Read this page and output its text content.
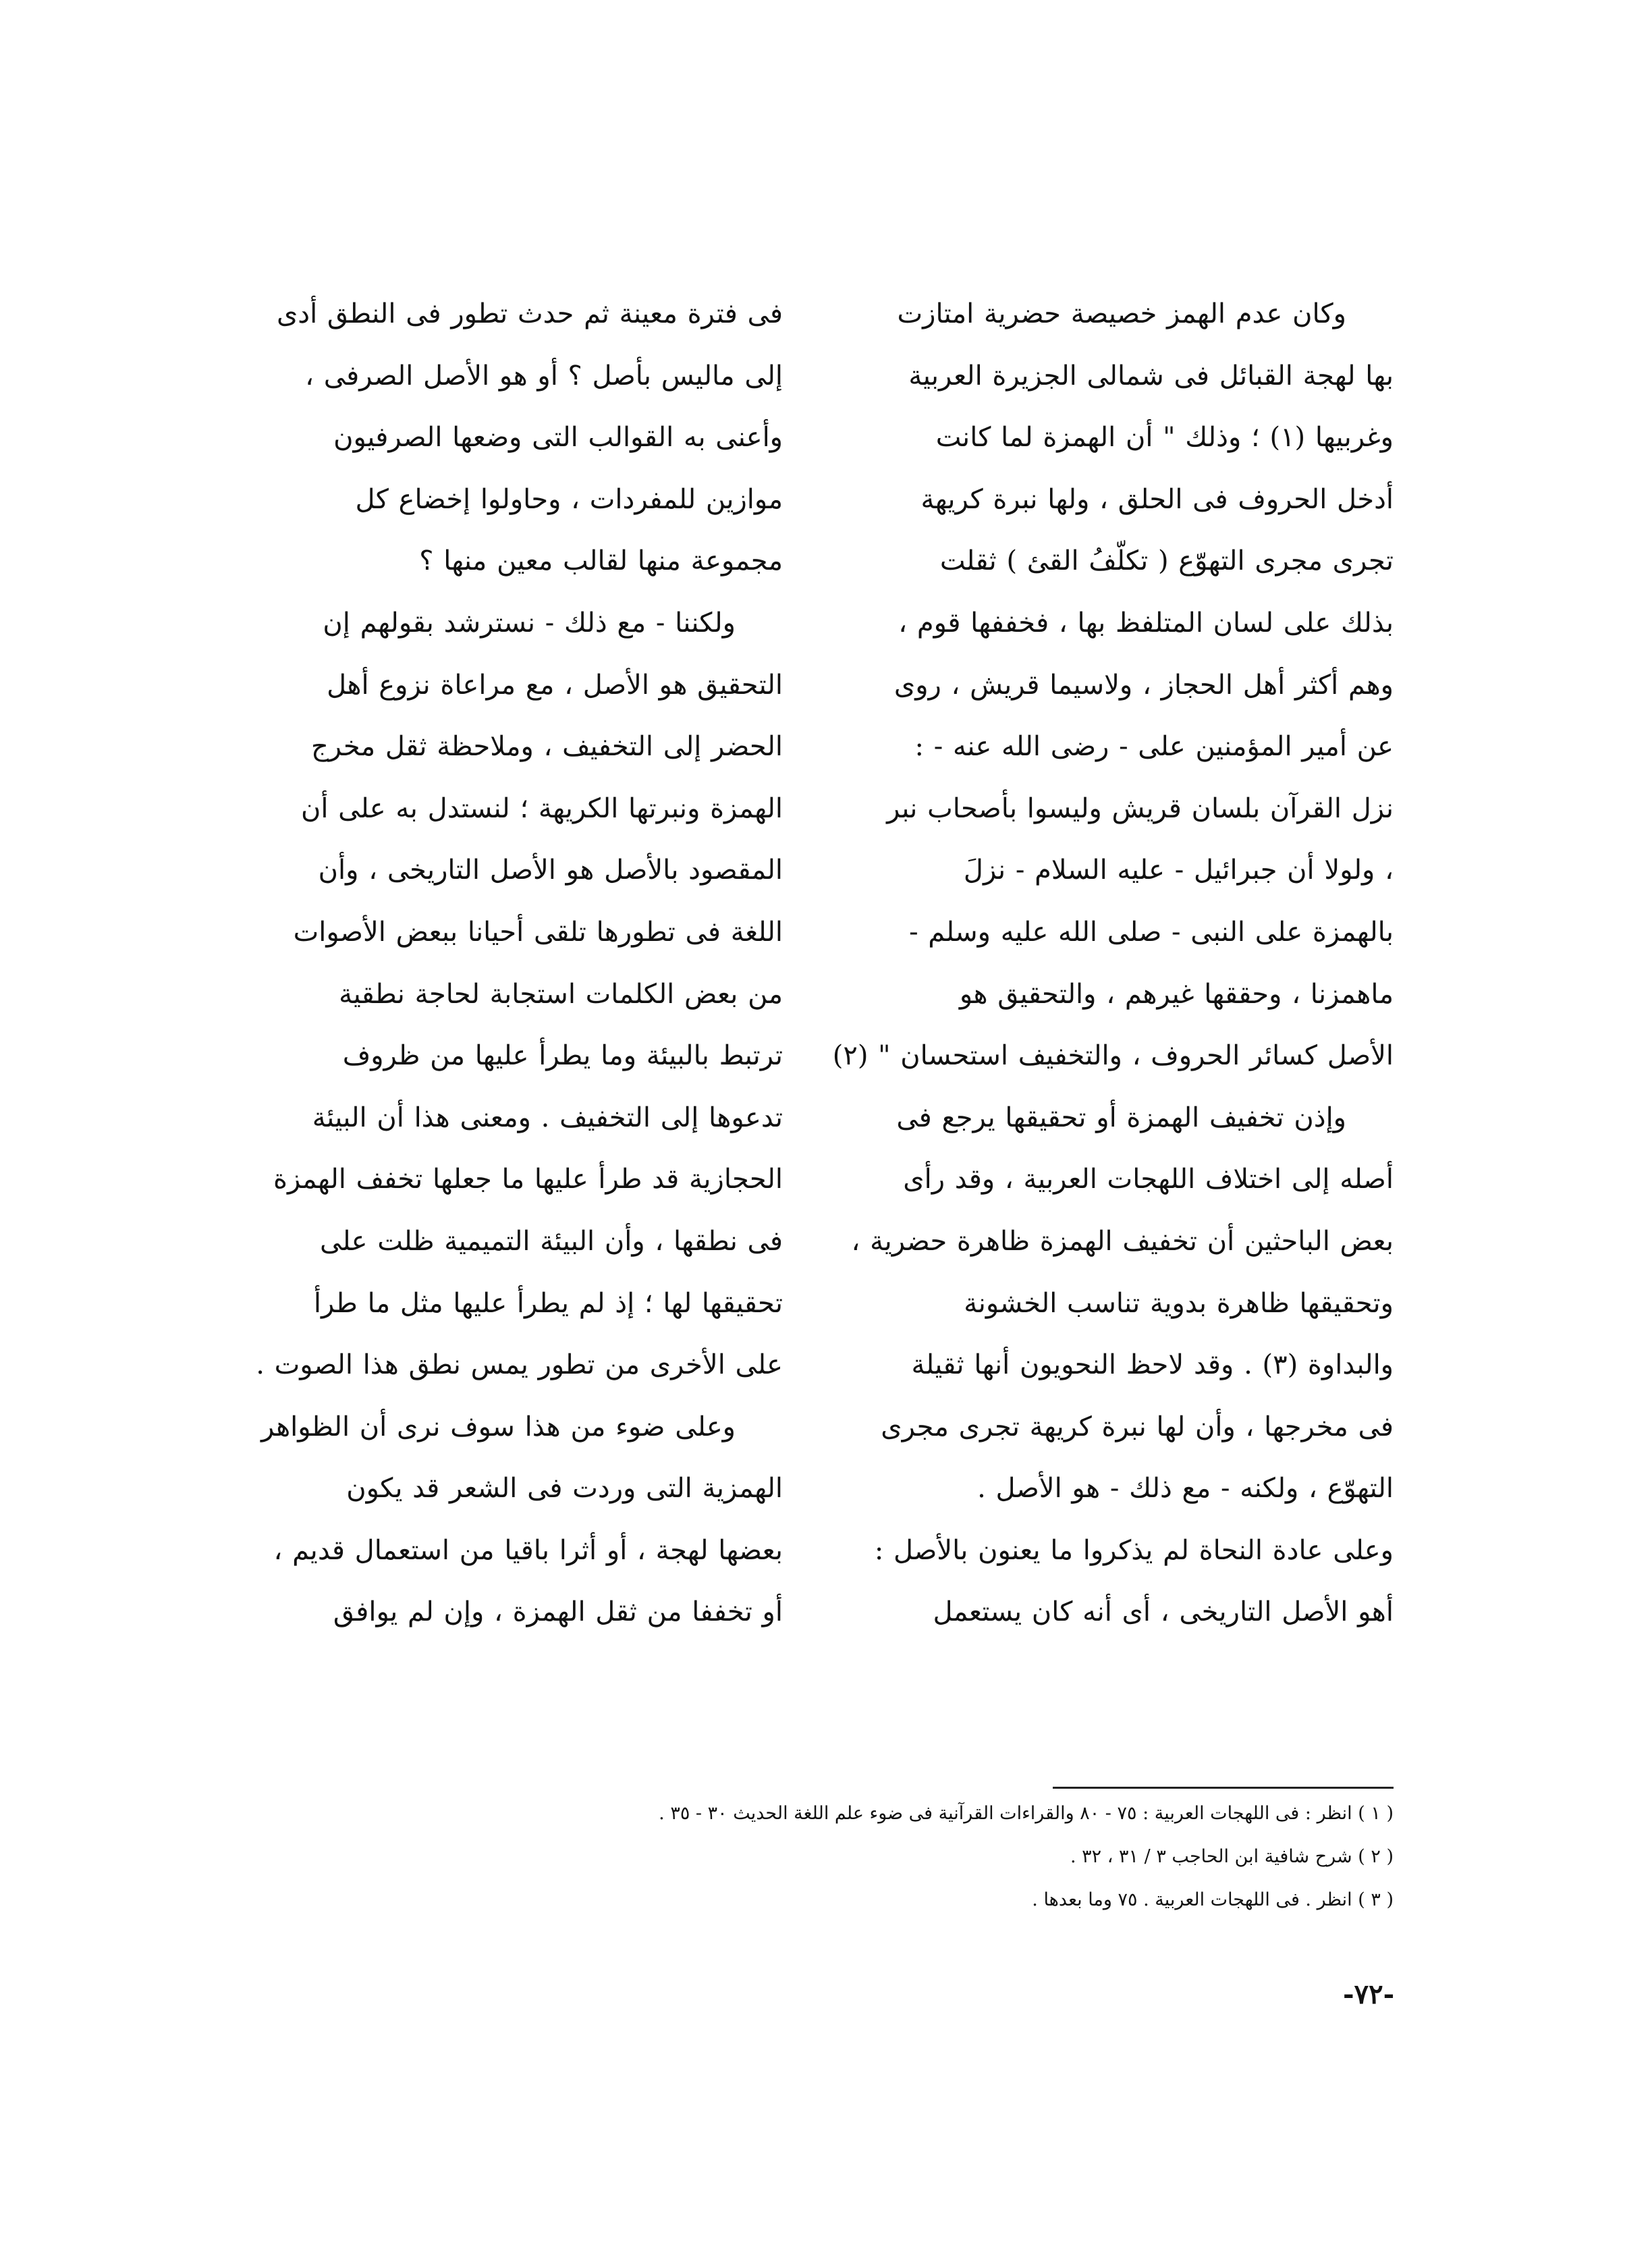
وكان عدم الهمز خصيصة حضرية امتازت
بها لهجة القبائل فى شمالى الجزيرة العربية
وغربيها (١) ؛ وذلك " أن الهمزة لما كانت
أدخل الحروف فى الحلق ، ولها نبرة كريهة
تجرى مجرى التهوّع ( تكلّفُ القئ ) ثقلت
بذلك على لسان المتلفظ بها ، فخففها قوم ،
وهم أكثر أهل الحجاز ، ولاسيما قريش ، روى
عن أمير المؤمنين على - رضى الله عنه - :
نزل القرآن بلسان قريش وليسوا بأصحاب نبر
، ولولا أن جبرائيل - عليه السلام - نزلَ
بالهمزة على النبى - صلى الله عليه وسلم -
ماهمزنا ، وحققها غيرهم ، والتحقيق هو
الأصل كسائر الحروف ، والتخفيف استحسان " (٢)
وإذن تخفيف الهمزة أو تحقيقها يرجع فى
أصله إلى اختلاف اللهجات العربية ، وقد رأى
بعض الباحثين أن تخفيف الهمزة ظاهرة حضرية ،
وتحقيقها ظاهرة بدوية تناسب الخشونة
والبداوة (٣) . وقد لاحظ النحويون أنها ثقيلة
فى مخرجها ، وأن لها نبرة كريهة تجرى مجرى
التهوّع ، ولكنه - مع ذلك - هو الأصل .
وعلى عادة النحاة لم يذكروا ما يعنون بالأصل :
أهو الأصل التاريخى ، أى أنه كان يستعمل
فى فترة معينة ثم حدث تطور فى النطق أدى
إلى ماليس بأصل ؟ أو هو الأصل الصرفى ،
وأعنى به القوالب التى وضعها الصرفيون
موازين للمفردات ، وحاولوا إخضاع كل
مجموعة منها لقالب معين منها ؟
ولكننا - مع ذلك - نسترشد بقولهم إن
التحقيق هو الأصل ، مع مراعاة نزوع أهل
الحضر إلى التخفيف ، وملاحظة ثقل مخرج
الهمزة ونبرتها الكريهة ؛ لنستدل به على أن
المقصود بالأصل هو الأصل التاريخى ، وأن
اللغة فى تطورها تلقى أحيانا ببعض الأصوات
من بعض الكلمات استجابة لحاجة نطقية
ترتبط بالبيئة وما يطرأ عليها من ظروف
تدعوها إلى التخفيف . ومعنى هذا أن البيئة
الحجازية قد طرأ عليها ما جعلها تخفف الهمزة
فى نطقها ، وأن البيئة التميمية ظلت على
تحقيقها لها ؛ إذ لم يطرأ عليها مثل ما طرأ
على الأخرى من تطور يمس نطق هذا الصوت .
وعلى ضوء من هذا سوف نرى أن الظواهر
الهمزية التى وردت فى الشعر قد يكون
بعضها لهجة ، أو أثرا باقيا من استعمال قديم ،
أو تخففا من ثقل الهمزة ، وإن لم يوافق
( ١ ) انظر : فى اللهجات العربية : ٧٥ - ٨٠ والقراءات القرآنية فى ضوء علم اللغة الحديث ٣٠ - ٣٥ .
( ٢ ) شرح شافية ابن الحاجب ٣ / ٣١ ، ٣٢ .
( ٣ ) انظر . فى اللهجات العربية . ٧٥ وما بعدها .
-٧٢-
